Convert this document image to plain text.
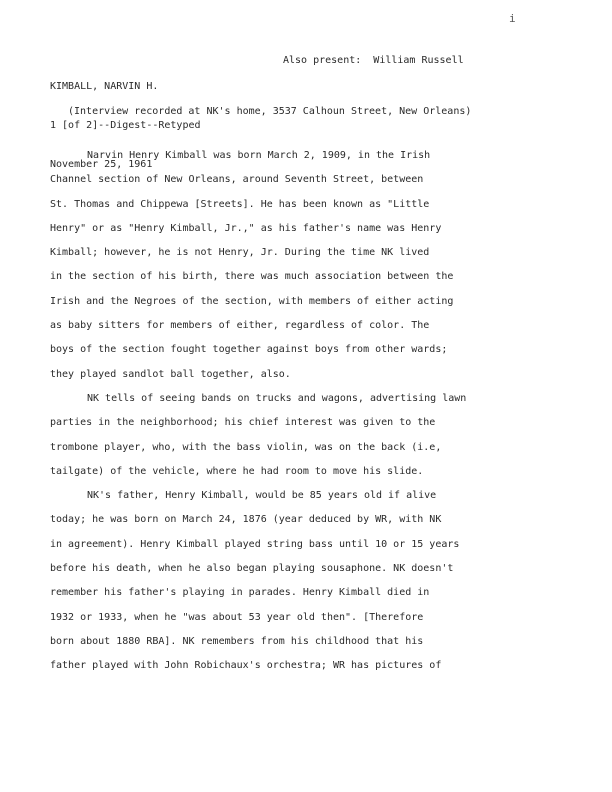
i

KIMBALL, NARVIN H.

1 [of 2]--Digest--Retyped

November 25, 1961

Also present:  William Russell
(Interview recorded at NK's home, 3537 Calhoun Street, New Orleans)
Narvin Henry Kimball was born March 2, 1909, in the Irish
Channel section of New Orleans, around Seventh Street, between
St. Thomas and Chippewa [Streets]. He has been known as "Little
Henry" or as "Henry Kimball, Jr.," as his father's name was Henry
Kimball; however, he is not Henry, Jr. During the time NK lived
in the section of his birth, there was much association between the
Irish and the Negroes of the section, with members of either acting
as baby sitters for members of either, regardless of color. The
boys of the section fought together against boys from other wards;
they played sandlot ball together, also.
NK tells of seeing bands on trucks and wagons, advertising lawn
parties in the neighborhood; his chief interest was given to the
trombone player, who, with the bass violin, was on the back (i.e,
tailgate) of the vehicle, where he had room to move his slide.
NK's father, Henry Kimball, would be 85 years old if alive
today; he was born on March 24, 1876 (year deduced by WR, with NK
in agreement). Henry Kimball played string bass until 10 or 15 years
before his death, when he also began playing sousaphone. NK doesn't
remember his father's playing in parades. Henry Kimball died in
1932 or 1933, when he "was about 53 year old then". [Therefore
born about 1880 RBA]. NK remembers from his childhood that his
father played with John Robichaux's orchestra; WR has pictures of
